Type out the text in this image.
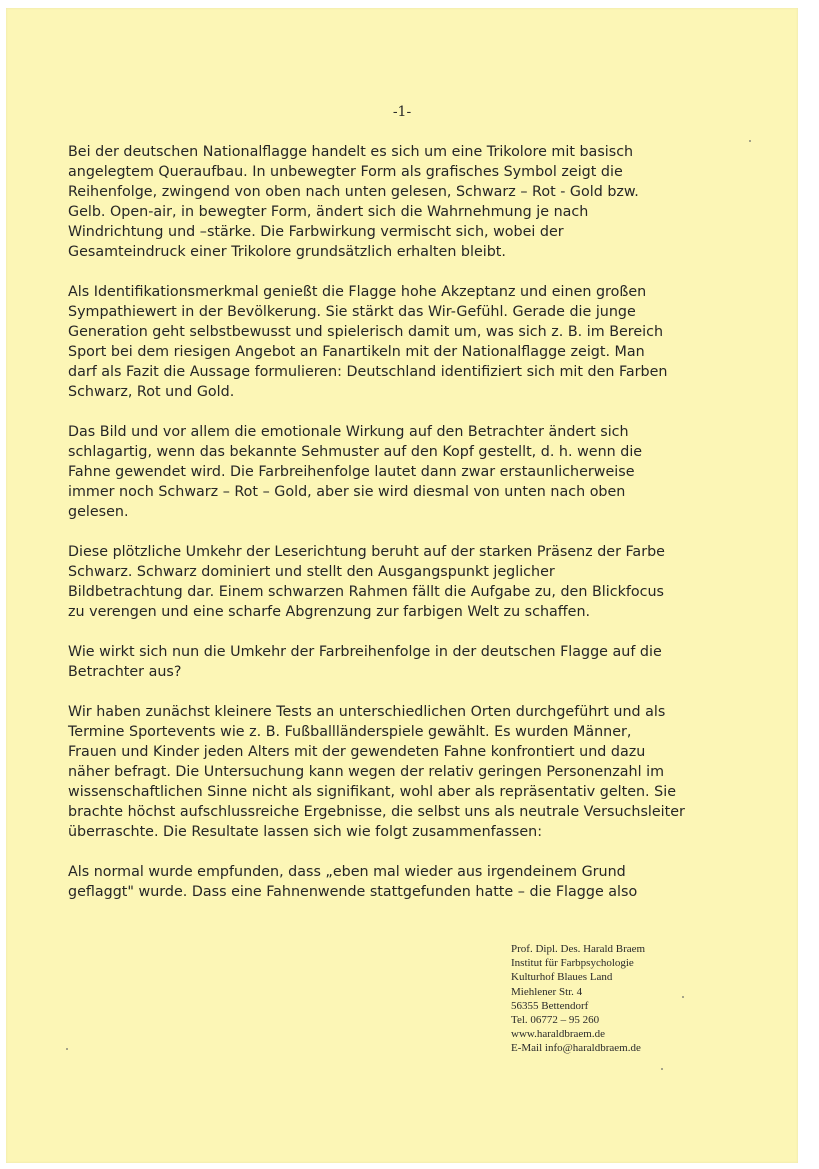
-1-

Bei der deutschen Nationalflagge handelt es sich um eine Trikolore mit basisch
angelegtem Queraufbau. In unbewegter Form als grafisches Symbol zeigt die
Reihenfolge, zwingend von oben nach unten gelesen, Schwarz – Rot - Gold bzw.
Gelb. Open-air, in bewegter Form, ändert sich die Wahrnehmung je nach
Windrichtung und –stärke. Die Farbwirkung vermischt sich, wobei der
Gesamteindruck einer Trikolore grundsätzlich erhalten bleibt.

Als Identifikationsmerkmal genießt die Flagge hohe Akzeptanz und einen großen
Sympathiewert in der Bevölkerung. Sie stärkt das Wir-Gefühl. Gerade die junge
Generation geht selbstbewusst und spielerisch damit um, was sich z. B. im Bereich
Sport bei dem riesigen Angebot an Fanartikeln mit der Nationalflagge zeigt. Man
darf als Fazit die Aussage formulieren: Deutschland identifiziert sich mit den Farben
Schwarz, Rot und Gold.

Das Bild und vor allem die emotionale Wirkung auf den Betrachter ändert sich
schlagartig, wenn das bekannte Sehmuster auf den Kopf gestellt, d. h. wenn die
Fahne gewendet wird. Die Farbreihenfolge lautet dann zwar erstaunlicherweise
immer noch Schwarz – Rot – Gold, aber sie wird diesmal von unten nach oben
gelesen.

Diese plötzliche Umkehr der Leserichtung beruht auf der starken Präsenz der Farbe
Schwarz. Schwarz dominiert und stellt den Ausgangspunkt jeglicher
Bildbetrachtung dar. Einem schwarzen Rahmen fällt die Aufgabe zu, den Blickfocus
zu verengen und eine scharfe Abgrenzung zur farbigen Welt zu schaffen.

Wie wirkt sich nun die Umkehr der Farbreihenfolge in der deutschen Flagge auf die
Betrachter aus?

Wir haben zunächst kleinere Tests an unterschiedlichen Orten durchgeführt und als
Termine Sportevents wie z. B. Fußballländerspiele gewählt. Es wurden Männer,
Frauen und Kinder jeden Alters mit der gewendeten Fahne konfrontiert und dazu
näher befragt. Die Untersuchung kann wegen der relativ geringen Personenzahl im
wissenschaftlichen Sinne nicht als signifikant, wohl aber als repräsentativ gelten. Sie
brachte höchst aufschlussreiche Ergebnisse, die selbst uns als neutrale Versuchsleiter
überraschte. Die Resultate lassen sich wie folgt zusammenfassen:

Als normal wurde empfunden, dass „eben mal wieder aus irgendeinem Grund
geflaggt" wurde. Dass eine Fahnenwende stattgefunden hatte – die Flagge also

Prof. Dipl. Des. Harald Braem
Institut für Farbpsychologie
Kulturhof Blaues Land
Miehlener Str. 4
56355 Bettendorf
Tel. 06772 – 95 260
www.haraldbraem.de
E-Mail info@haraldbraem.de
